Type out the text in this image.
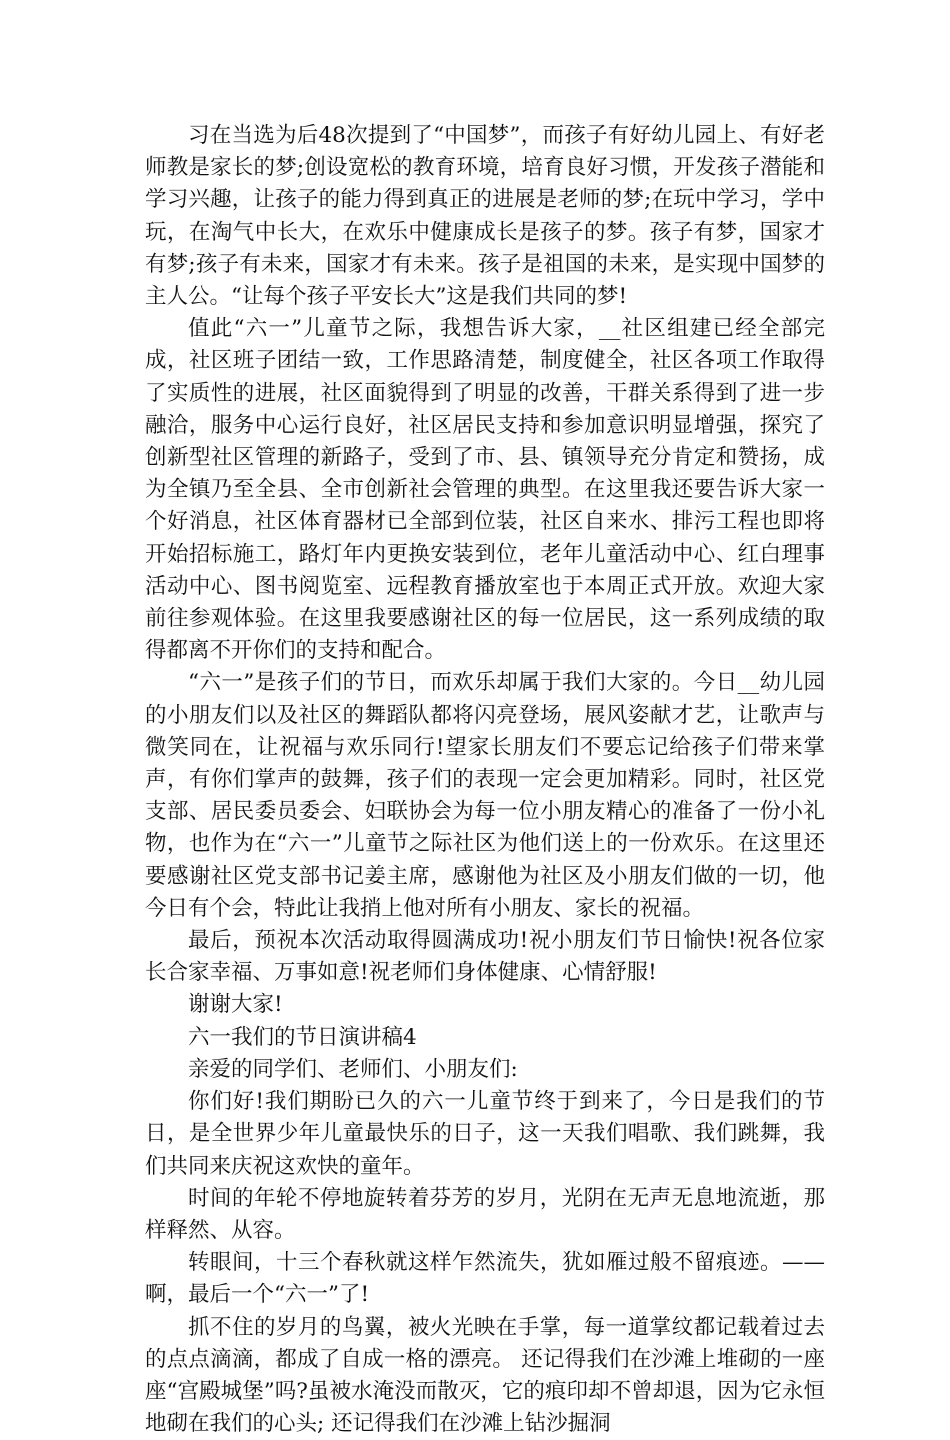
习在当选为后48次提到了“中国梦”，而孩子有好幼儿园上、有好老师教是家长的梦;创设宽松的教育环境，培育良好习惯，开发孩子潜能和学习兴趣，让孩子的能力得到真正的进展是老师的梦;在玩中学习，学中玩，在淘气中长大，在欢乐中健康成长是孩子的梦。孩子有梦，国家才有梦;孩子有未来，国家才有未来。孩子是祖国的未来，是实现中国梦的主人公。“让每个孩子平安长大”这是我们共同的梦!

值此“六一”儿童节之际，我想告诉大家，__社区组建已经全部完成，社区班子团结一致，工作思路清楚，制度健全，社区各项工作取得了实质性的进展，社区面貌得到了明显的改善，干群关系得到了进一步融洽，服务中心运行良好，社区居民支持和参加意识明显增强，探究了创新型社区管理的新路子，受到了市、县、镇领导充分肯定和赞扬，成为全镇乃至全县、全市创新社会管理的典型。在这里我还要告诉大家一个好消息，社区体育器材已全部到位装，社区自来水、排污工程也即将开始招标施工，路灯年内更换安装到位，老年儿童活动中心、红白理事活动中心、图书阅览室、远程教育播放室也于本周正式开放。欢迎大家前往参观体验。在这里我要感谢社区的每一位居民，这一系列成绩的取得都离不开你们的支持和配合。

“六一”是孩子们的节日，而欢乐却属于我们大家的。今日__幼儿园的小朋友们以及社区的舞蹈队都将闪亮登场，展风姿献才艺，让歌声与微笑同在，让祝福与欢乐同行!望家长朋友们不要忘记给孩子们带来掌声，有你们掌声的鼓舞，孩子们的表现一定会更加精彩。同时，社区党支部、居民委员委会、妇联协会为每一位小朋友精心的准备了一份小礼物，也作为在“六一”儿童节之际社区为他们送上的一份欢乐。在这里还要感谢社区党支部书记姜主席，感谢他为社区及小朋友们做的一切，他今日有个会，特此让我捎上他对所有小朋友、家长的祝福。

最后，预祝本次活动取得圆满成功!祝小朋友们节日愉快!祝各位家长合家幸福、万事如意!祝老师们身体健康、心情舒服!

谢谢大家!

六一我们的节日演讲稿4

亲爱的同学们、老师们、小朋友们:

你们好!我们期盼已久的六一儿童节终于到来了，今日是我们的节日，是全世界少年儿童最快乐的日子，这一天我们唱歌、我们跳舞，我们共同来庆祝这欢快的童年。

时间的年轮不停地旋转着芬芳的岁月，光阴在无声无息地流逝，那样释然、从容。

转眼间，十三个春秋就这样乍然流失，犹如雁过般不留痕迹。——啊，最后一个“六一”了!

抓不住的岁月的鸟翼，被火光映在手掌，每一道掌纹都记载着过去的点点滴滴，都成了自成一格的漂亮。 还记得我们在沙滩上堆砌的一座座“宫殿城堡”吗?虽被水淹没而散灭，它的痕印却不曾却退，因为它永恒地砌在我们的心头; 还记得我们在沙滩上钻沙掘洞
